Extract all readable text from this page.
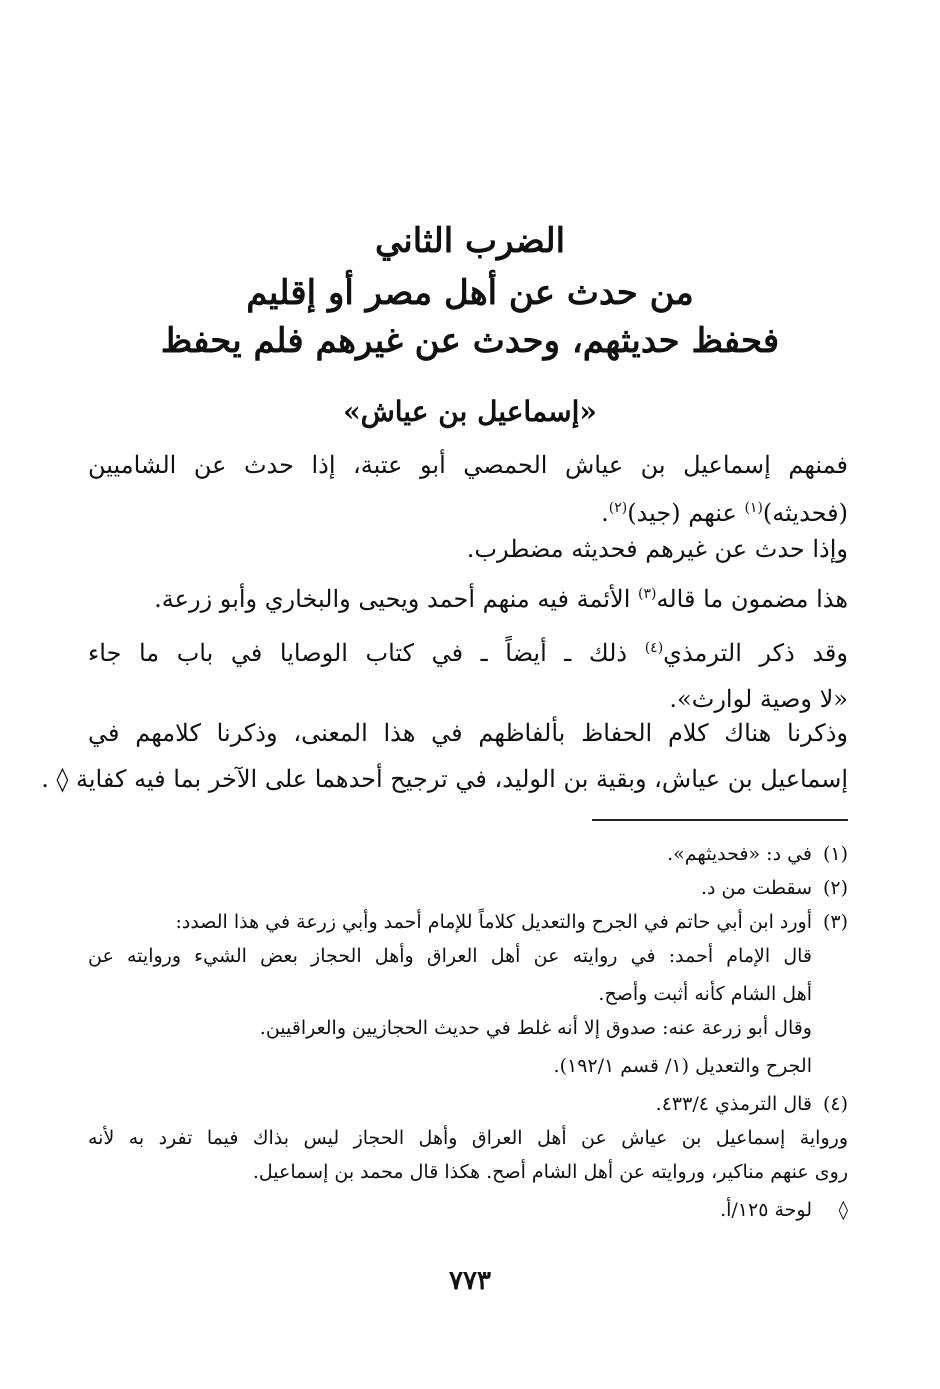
الضرب الثاني
من حدث عن أهل مصر أو إقليم
فحفظ حديثهم، وحدث عن غيرهم فلم يحفظ
«إسماعيل بن عياش»
فمنهم إسماعيل بن عياش الحمصي أبو عتبة، إذا حدث عن الشاميين
(فحديثه)$^{(١)}$ عنهم (جيد)$^{(٢)}$.
وإذا حدث عن غيرهم فحديثه مضطرب.
هذا مضمون ما قاله$^{(٣)}$ الأئمة فيه منهم أحمد ويحيى والبخاري وأبو زرعة.
وقد ذكر الترمذي$^{(٤)}$ ذلك ـ أيضاً ـ في كتاب الوصايا في باب ما جاء
«لا وصية لوارث».
وذكرنا هناك كلام الحفاظ بألفاظهم في هذا المعنى، وذكرنا كلامهم في
إسماعيل بن عياش، وبقية بن الوليد، في ترجيح أحدهما على الآخر بما فيه كفاية ◊ .
(١)في د: «فحديثهم».
(٢)سقطت من د.
(٣)أورد ابن أبي حاتم في الجرح والتعديل كلاماً للإمام أحمد وأبي زرعة في هذا الصدد:
قال الإمام أحمد: في روايته عن أهل العراق وأهل الحجاز بعض الشيء وروايته عن
أهل الشام كأنه أثبت وأصح.
وقال أبو زرعة عنه: صدوق إلا أنه غلط في حديث الحجازيين والعراقيين.
الجرح والتعديل (١/ قسم ١٩٢/١).
(٤)قال الترمذي ٤٣٣/٤.
ورواية إسماعيل بن عياش عن أهل العراق وأهل الحجاز ليس بذاك فيما تفرد به لأنه
روى عنهم مناكير، وروايته عن أهل الشام أصح. هكذا قال محمد بن إسماعيل.
◊لوحة ١٢٥/أ.
٧٧٣
